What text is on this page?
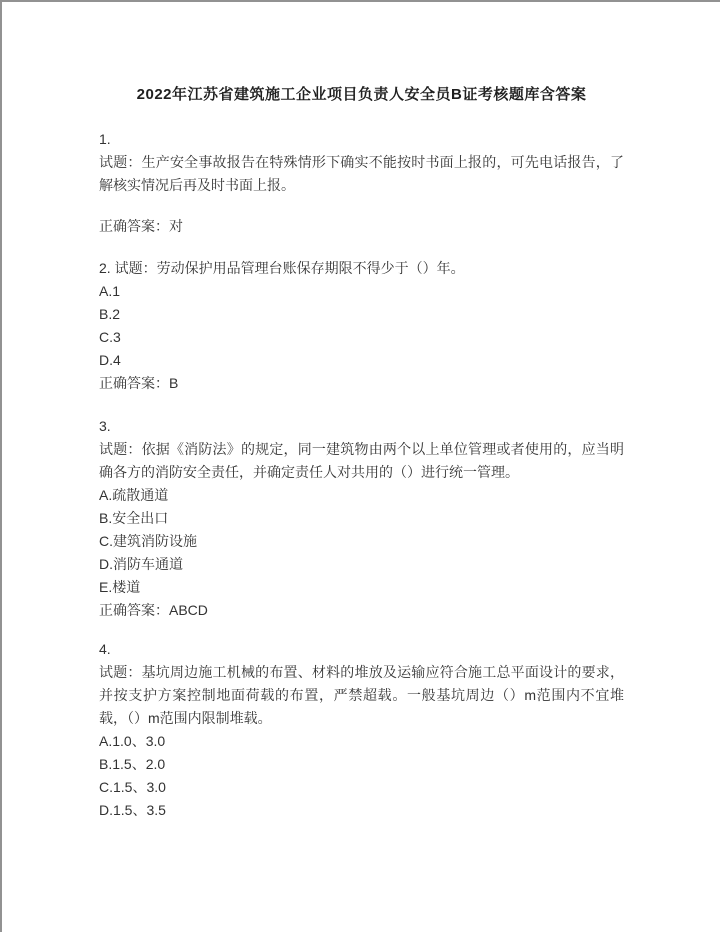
2022年江苏省建筑施工企业项目负责人安全员B证考核题库含答案
1.
试题：生产安全事故报告在特殊情形下确实不能按时书面上报的，可先电话报告，了解核实情况后再及时书面上报。
正确答案：对
2. 试题：劳动保护用品管理台账保存期限不得少于（）年。
A.1
B.2
C.3
D.4
正确答案：B
3.
试题：依据《消防法》的规定，同一建筑物由两个以上单位管理或者使用的，应当明确各方的消防安全责任，并确定责任人对共用的（）进行统一管理。
A.疏散通道
B.安全出口
C.建筑消防设施
D.消防车通道
E.楼道
正确答案：ABCD
4.
试题：基坑周边施工机械的布置、材料的堆放及运输应符合施工总平面设计的要求，并按支护方案控制地面荷载的布置，严禁超载。一般基坑周边（）m范围内不宜堆载，（）m范围内限制堆载。
A.1.0、3.0
B.1.5、2.0
C.1.5、3.0
D.1.5、3.5
